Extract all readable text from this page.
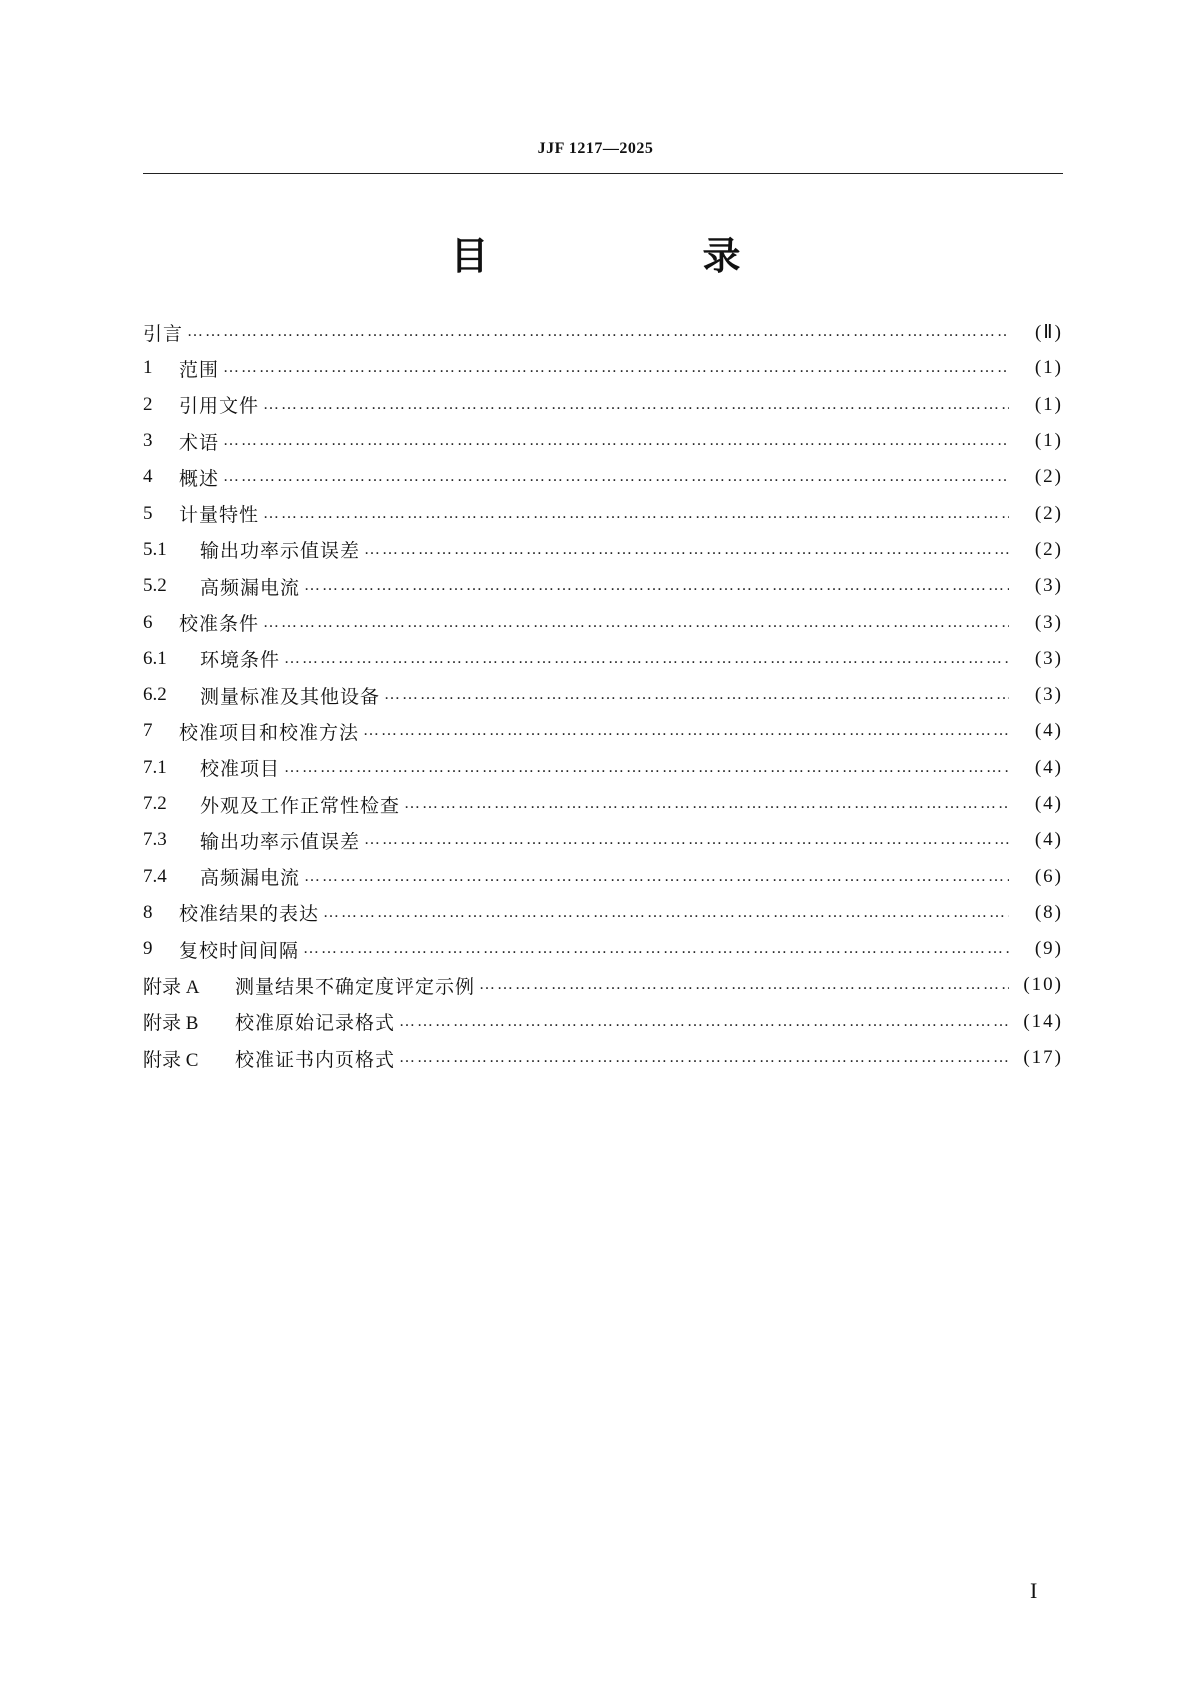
JJF 1217—2025
目　录
引言 …………………………………………………………………………………………………………………………………………………………………………………………	(Ⅱ)
1	范围 …………………………………………………………………………………………………………………………………………………………………………………………	(1)
2	引用文件 …………………………………………………………………………………………………………………………………………………………………………………………	(1)
3	术语 …………………………………………………………………………………………………………………………………………………………………………………………	(1)
4	概述 …………………………………………………………………………………………………………………………………………………………………………………………	(2)
5	计量特性 …………………………………………………………………………………………………………………………………………………………………………………………	(2)
5.1	输出功率示值误差 …………………………………………………………………………………………………………………………………………………………………………………………	(2)
5.2	高频漏电流 …………………………………………………………………………………………………………………………………………………………………………………………	(3)
6	校准条件 …………………………………………………………………………………………………………………………………………………………………………………………	(3)
6.1	环境条件 …………………………………………………………………………………………………………………………………………………………………………………………	(3)
6.2	测量标准及其他设备 …………………………………………………………………………………………………………………………………………………………………………………………	(3)
7	校准项目和校准方法 …………………………………………………………………………………………………………………………………………………………………………………………	(4)
7.1	校准项目 …………………………………………………………………………………………………………………………………………………………………………………………	(4)
7.2	外观及工作正常性检查 …………………………………………………………………………………………………………………………………………………………………………………………	(4)
7.3	输出功率示值误差 …………………………………………………………………………………………………………………………………………………………………………………………	(4)
7.4	高频漏电流 …………………………………………………………………………………………………………………………………………………………………………………………	(6)
8	校准结果的表达 …………………………………………………………………………………………………………………………………………………………………………………………	(8)
9	复校时间间隔 …………………………………………………………………………………………………………………………………………………………………………………………	(9)
附录 A	测量结果不确定度评定示例 …………………………………………………………………………………………………………………………………………………………………………………………	(10)
附录 B	校准原始记录格式 …………………………………………………………………………………………………………………………………………………………………………………………	(14)
附录 C	校准证书内页格式 …………………………………………………………………………………………………………………………………………………………………………………………	(17)
I
